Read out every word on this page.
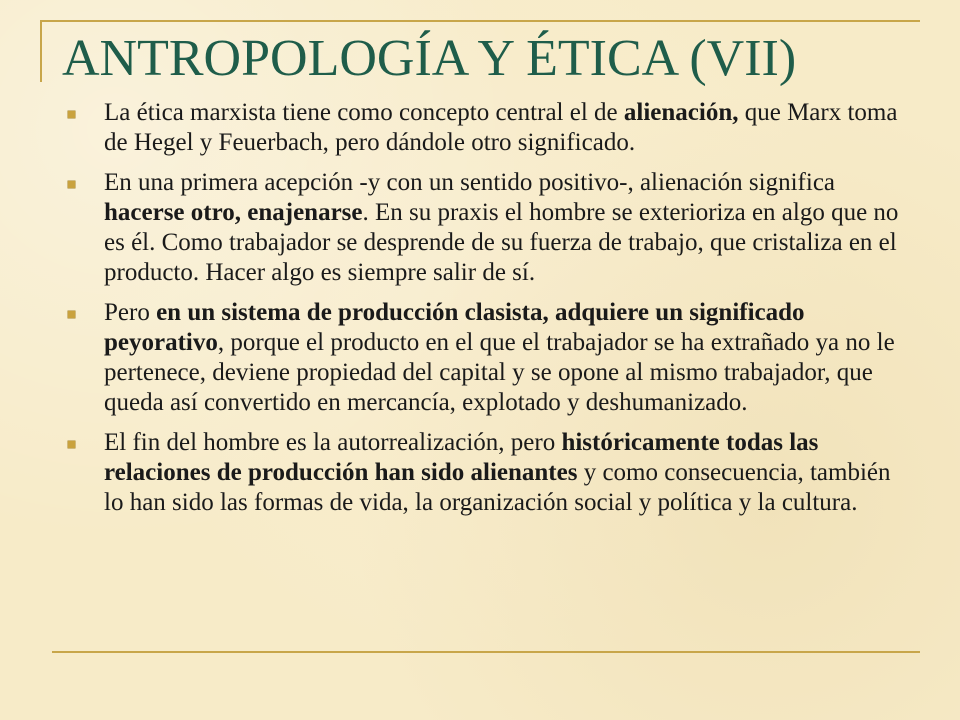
ANTROPOLOGÍA Y ÉTICA (VII)
La ética marxista tiene como concepto central el de alienación, que Marx toma de Hegel y Feuerbach, pero dándole otro significado.
En una primera acepción -y con un sentido positivo-, alienación significa hacerse otro, enajenarse. En su praxis el hombre se exterioriza en algo que no es él. Como trabajador se desprende de su fuerza de trabajo, que cristaliza en el producto. Hacer algo es siempre salir de sí.
Pero en un sistema de producción clasista, adquiere un significado peyorativo, porque el producto en el que el trabajador se ha extrañado ya no le pertenece, deviene propiedad del capital y se opone al mismo trabajador, que queda así convertido en mercancía, explotado y deshumanizado.
El fin del hombre es la autorrealización, pero históricamente todas las relaciones de producción han sido alienantes y como consecuencia, también lo han sido las formas de vida, la organización social y política y la cultura.
